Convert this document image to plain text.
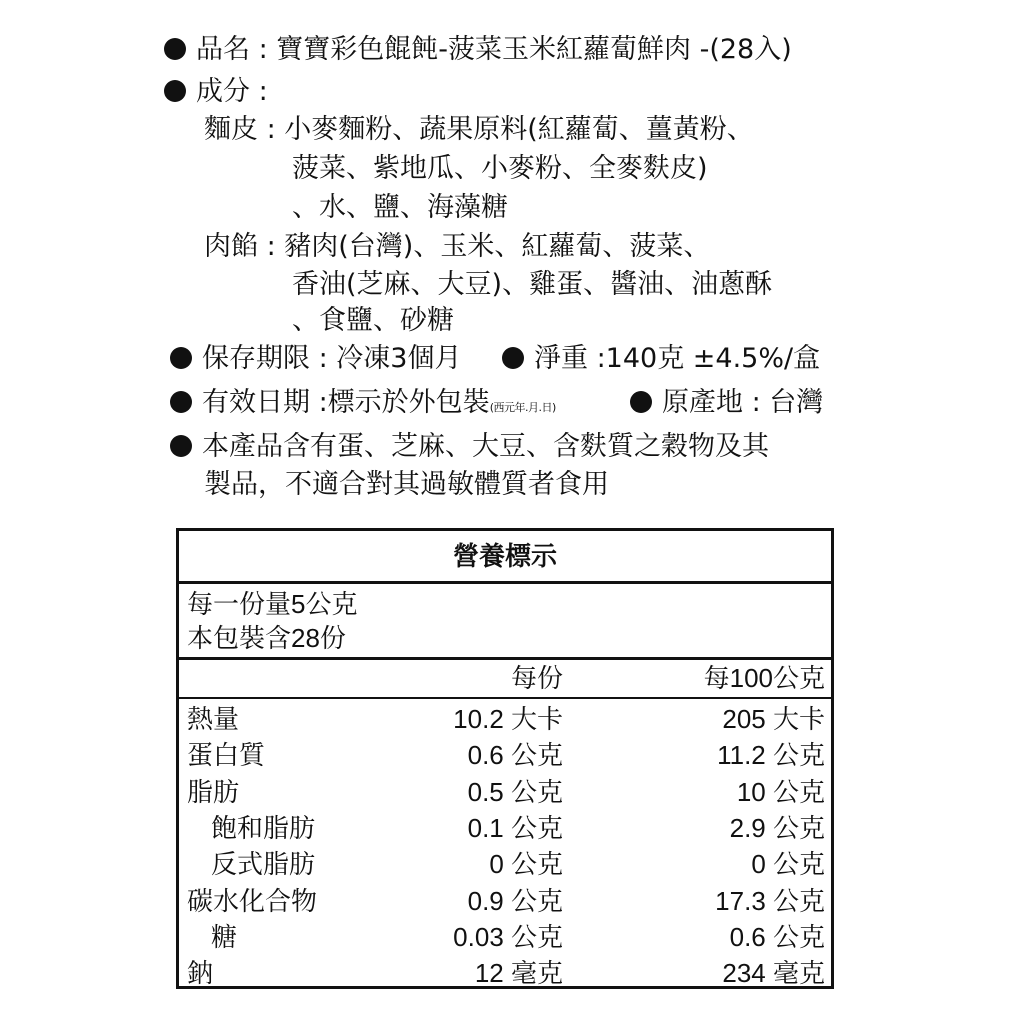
品名 : 寶寶彩色餛飩-菠菜玉米紅蘿蔔鮮肉 -(28入)
成分 :
麵皮 : 小麥麵粉、蔬果原料(紅蘿蔔、薑黃粉、
菠菜、紫地瓜、小麥粉、全麥麩皮)
、水、鹽、海藻糖
肉餡 : 豬肉(台灣)、玉米、紅蘿蔔、菠菜、
香油(芝麻、大豆)、雞蛋、醬油、油蔥酥
、食鹽、砂糖
保存期限 : 冷凍3個月	淨重 :140克 ±4.5%/盒
有效日期 :標示於外包裝(西元年.月.日)	原產地 : 台灣
本產品含有蛋、芝麻、大豆、含麩質之穀物及其
製品，不適合對其過敏體質者食用
營養標示
每一份量5公克
本包裝含28份
每份	每100公克
熱量	10.2 大卡	205 大卡
蛋白質	0.6 公克	11.2 公克
脂肪	0.5 公克	10 公克
飽和脂肪	0.1 公克	2.9 公克
反式脂肪	0 公克	0 公克
碳水化合物	0.9 公克	17.3 公克
糖	0.03 公克	0.6 公克
鈉	12 毫克	234 毫克
